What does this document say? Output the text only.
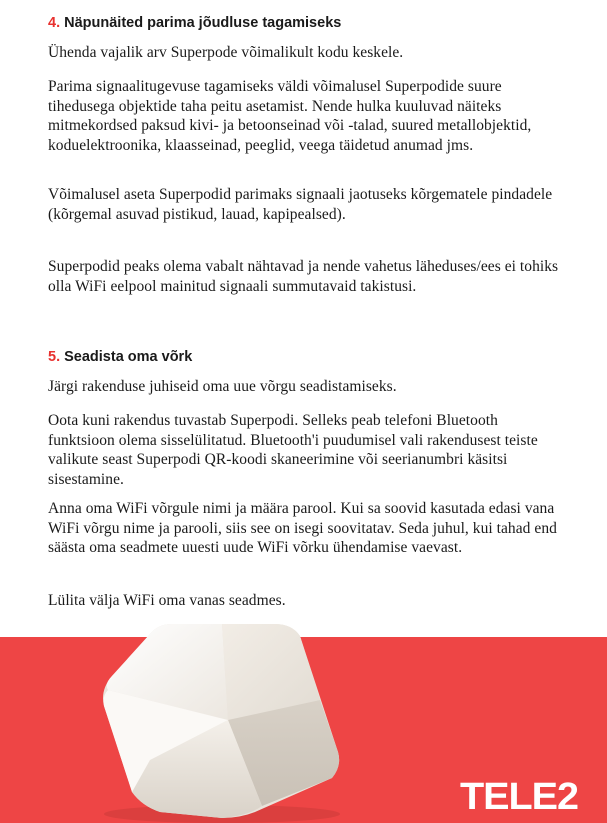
4. Näpunäited parima jõudluse tagamiseks

Ühenda vajalik arv Superpode võimalikult kodu keskele.

Parima signaalitugevuse tagamiseks väldi võimalusel Superpodide suure tihedusega objektide taha peitu asetamist. Nende hulka kuuluvad näiteks mitmekordsed paksud kivi- ja betoonseinad või -talad, suured metallobjektid, koduelektroonika, klaasseinad, peeglid, veega täidetud anumad jms.

Võimalusel aseta Superpodid parimaks signaali jaotuseks kõrgematele pindadele (kõrgemal asuvad pistikud, lauad, kapipealsed).

Superpodid peaks olema vabalt nähtavad ja nende vahetus läheduses/ees ei tohiks olla WiFi eelpool mainitud signaali summutavaid takistusi.

5. Seadista oma võrk

Järgi rakenduse juhiseid oma uue võrgu seadistamiseks.

Oota kuni rakendus tuvastab Superpodi. Selleks peab telefoni Bluetooth funktsioon olema sisselülitatud. Bluetooth'i puudumisel vali rakendusest teiste valikute seast Superpodi QR-koodi skaneerimine või seerianumbri käsitsi sisestamine.

Anna oma WiFi võrgule nimi ja määra parool. Kui sa soovid kasutada edasi vana WiFi võrgu nime ja parooli, siis see on isegi soovitatav. Seda juhul, kui tahad end säästa oma seadmete uuesti uude WiFi võrku ühendamise vaevast.

Lülita välja WiFi oma vanas seadmes.

TELE2
